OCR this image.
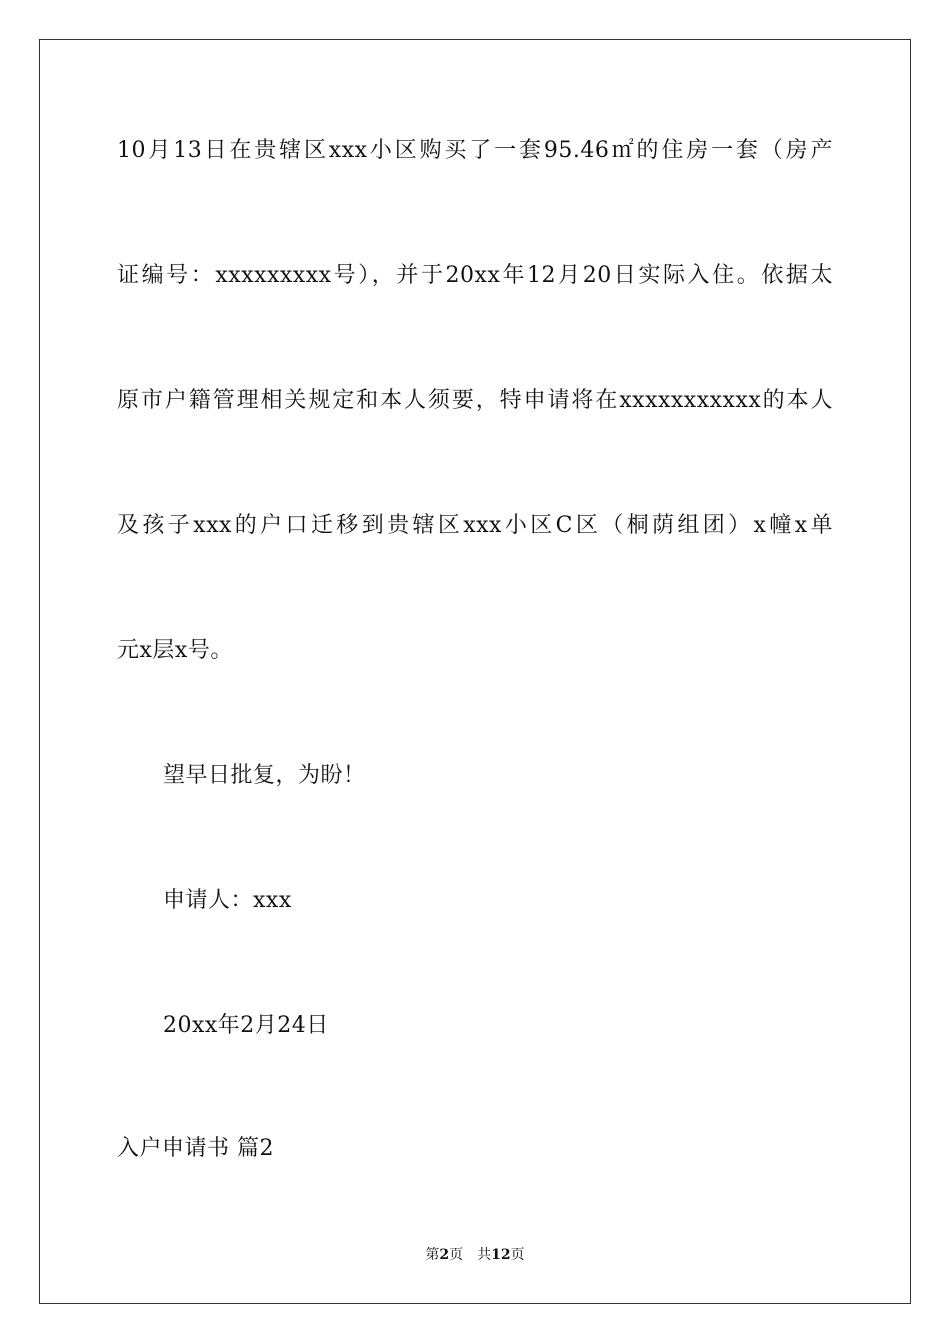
10月13日在贵辖区xxx小区购买了一套95.46㎡的住房一套（房产
证编号：xxxxxxxxx号），并于20xx年12月20日实际入住。依据太
原市户籍管理相关规定和本人须要，特申请将在xxxxxxxxxxx的本人
及孩子xxx的户口迁移到贵辖区xxx小区C区（桐荫组团）x幢x单
元x层x号。
望早日批复，为盼！
申请人：xxx
20xx年2月24日
入户申请书 篇2
第2页 共12页
